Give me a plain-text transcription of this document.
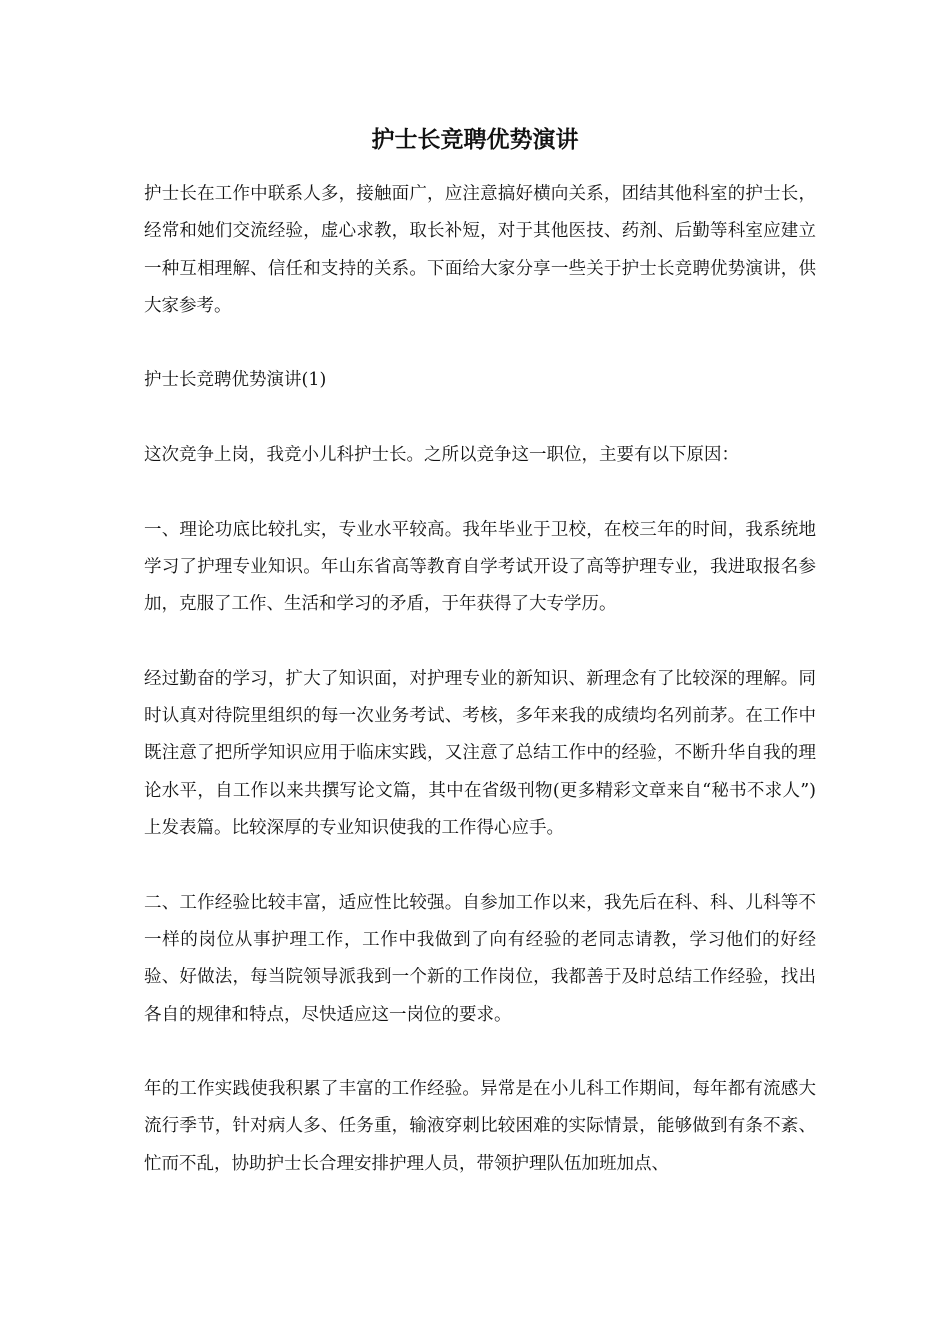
护士长竞聘优势演讲

护士长在工作中联系人多，接触面广，应注意搞好横向关系，团结其他科室的护士长，经常和她们交流经验，虚心求教，取长补短，对于其他医技、药剂、后勤等科室应建立一种互相理解、信任和支持的关系。下面给大家分享一些关于护士长竞聘优势演讲，供大家参考。

护士长竞聘优势演讲(1)

这次竞争上岗，我竞小儿科护士长。之所以竞争这一职位，主要有以下原因：

一、理论功底比较扎实，专业水平较高。我年毕业于卫校，在校三年的时间，我系统地学习了护理专业知识。年山东省高等教育自学考试开设了高等护理专业，我进取报名参加，克服了工作、生活和学习的矛盾，于年获得了大专学历。

经过勤奋的学习，扩大了知识面，对护理专业的新知识、新理念有了比较深的理解。同时认真对待院里组织的每一次业务考试、考核，多年来我的成绩均名列前茅。在工作中既注意了把所学知识应用于临床实践，又注意了总结工作中的经验，不断升华自我的理论水平，自工作以来共撰写论文篇，其中在省级刊物(更多精彩文章来自“秘书不求人”)上发表篇。比较深厚的专业知识使我的工作得心应手。

二、工作经验比较丰富，适应性比较强。自参加工作以来，我先后在科、科、儿科等不一样的岗位从事护理工作，工作中我做到了向有经验的老同志请教，学习他们的好经验、好做法，每当院领导派我到一个新的工作岗位，我都善于及时总结工作经验，找出各自的规律和特点，尽快适应这一岗位的要求。

年的工作实践使我积累了丰富的工作经验。异常是在小儿科工作期间，每年都有流感大流行季节，针对病人多、任务重，输液穿刺比较困难的实际情景，能够做到有条不紊、忙而不乱，协助护士长合理安排护理人员，带领护理队伍加班加点、
